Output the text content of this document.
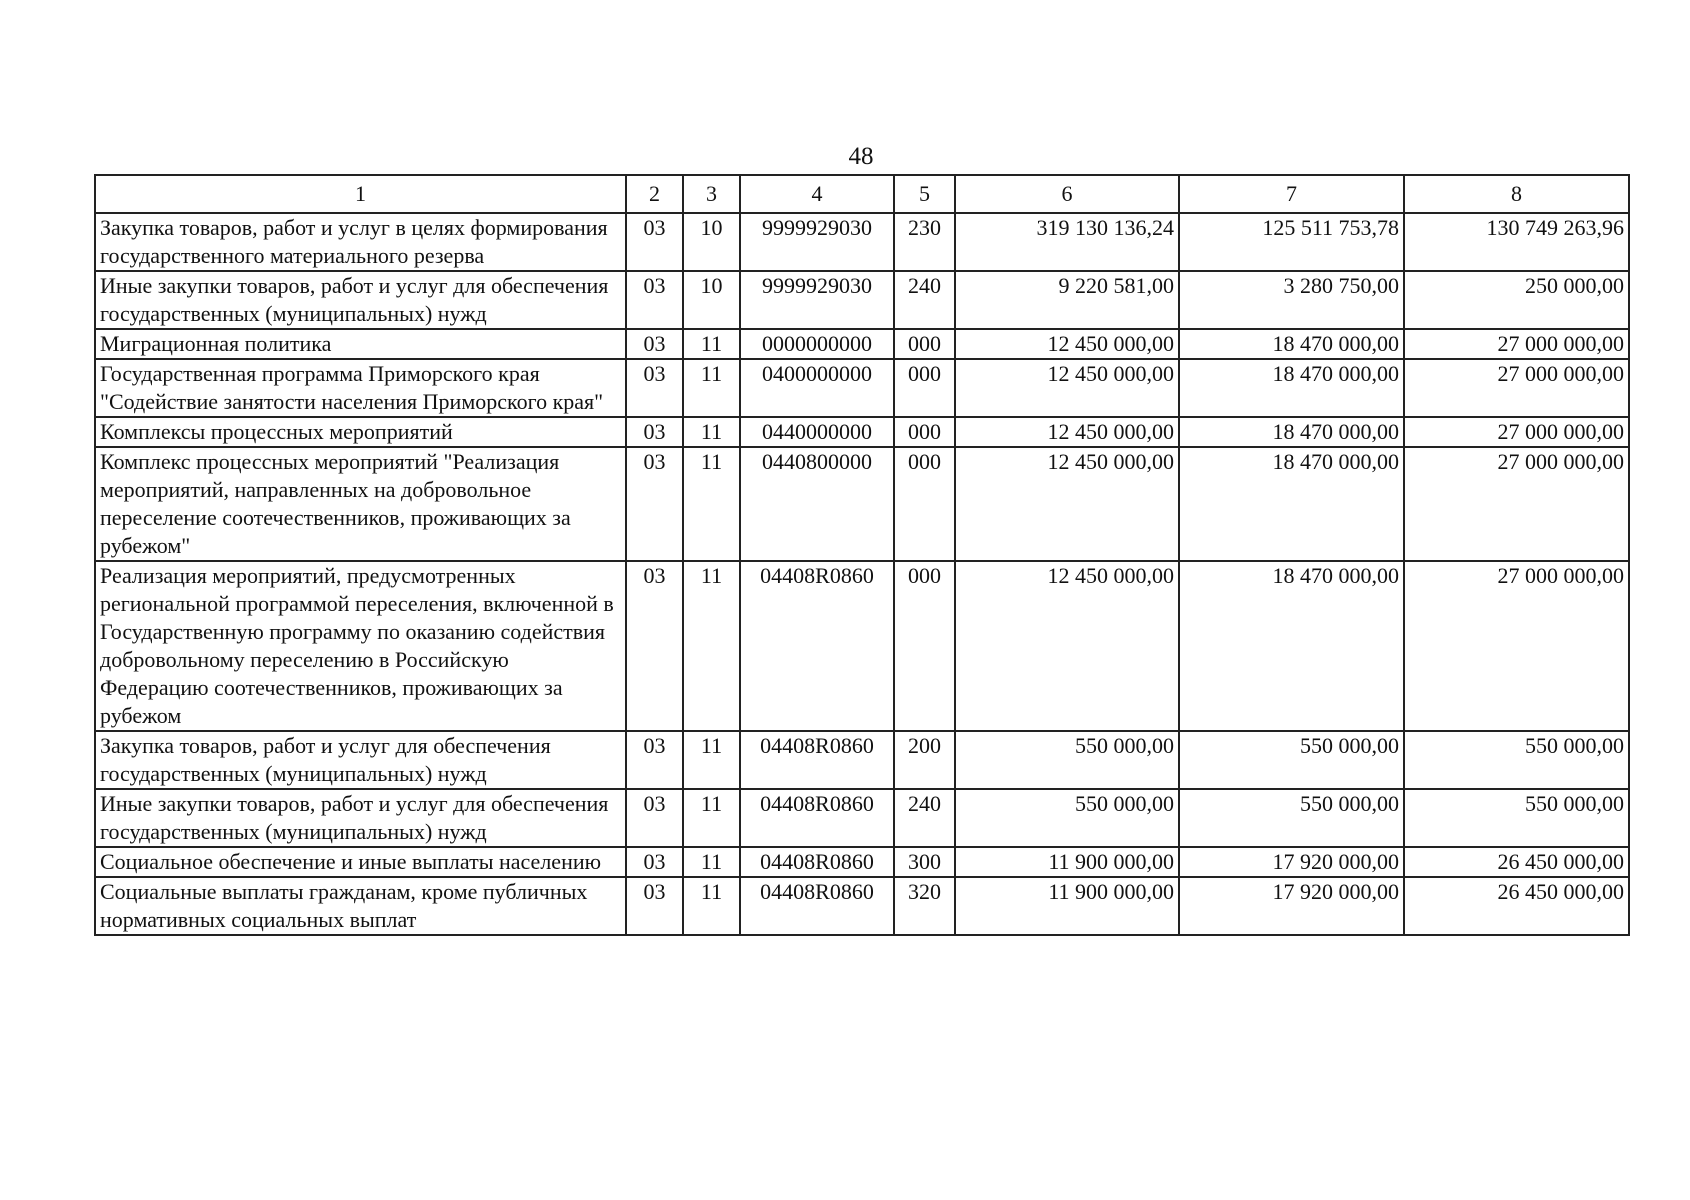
48
1	2	3	4	5	6	7	8
Закупка товаров, работ и услуг в целях формирования государственного материального резерва	03	10	9999929030	230	319 130 136,24	125 511 753,78	130 749 263,96
Иные закупки товаров, работ и услуг для обеспечения государственных (муниципальных) нужд	03	10	9999929030	240	9 220 581,00	3 280 750,00	250 000,00
Миграционная политика	03	11	0000000000	000	12 450 000,00	18 470 000,00	27 000 000,00
Государственная программа Приморского края "Содействие занятости населения Приморского края"	03	11	0400000000	000	12 450 000,00	18 470 000,00	27 000 000,00
Комплексы процессных мероприятий	03	11	0440000000	000	12 450 000,00	18 470 000,00	27 000 000,00
Комплекс процессных мероприятий "Реализация мероприятий, направленных на добровольное переселение соотечественников, проживающих за рубежом"	03	11	0440800000	000	12 450 000,00	18 470 000,00	27 000 000,00
Реализация мероприятий, предусмотренных региональной программой переселения, включенной в Государственную программу по оказанию содействия добровольному переселению в Российскую Федерацию соотечественников, проживающих за рубежом	03	11	04408R0860	000	12 450 000,00	18 470 000,00	27 000 000,00
Закупка товаров, работ и услуг для обеспечения государственных (муниципальных) нужд	03	11	04408R0860	200	550 000,00	550 000,00	550 000,00
Иные закупки товаров, работ и услуг для обеспечения государственных (муниципальных) нужд	03	11	04408R0860	240	550 000,00	550 000,00	550 000,00
Социальное обеспечение и иные выплаты населению	03	11	04408R0860	300	11 900 000,00	17 920 000,00	26 450 000,00
Социальные выплаты гражданам, кроме публичных нормативных социальных выплат	03	11	04408R0860	320	11 900 000,00	17 920 000,00	26 450 000,00
